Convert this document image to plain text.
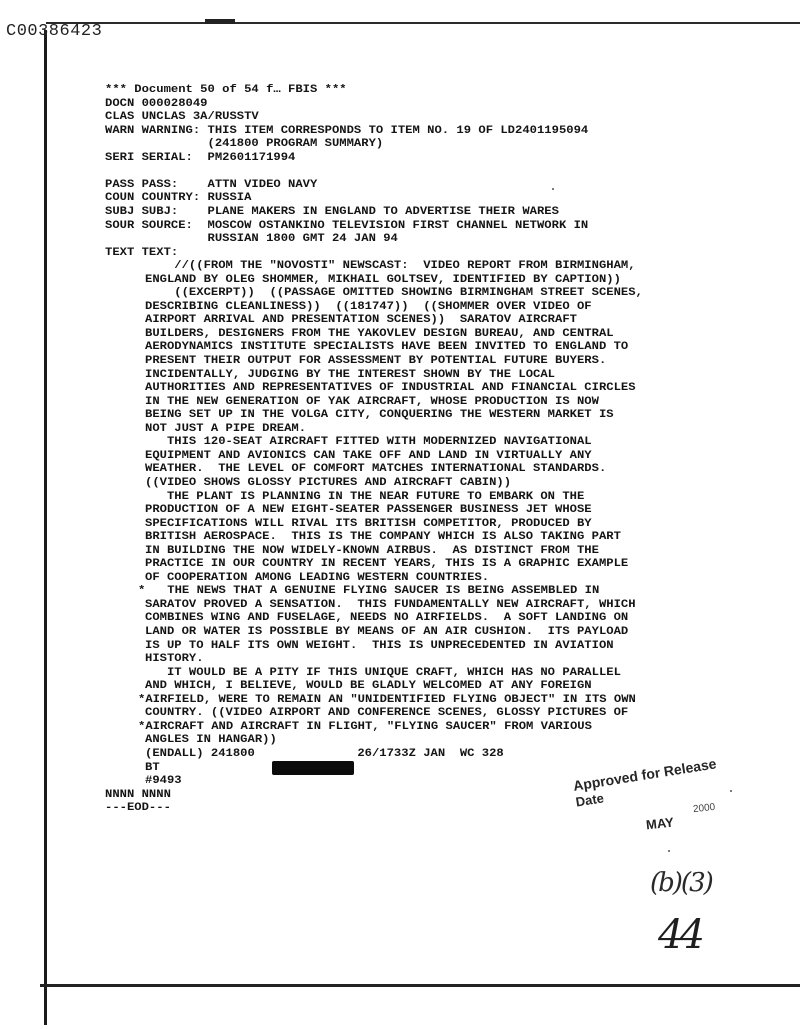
C00386423
*** Document 50 of 54 f… FBIS ***
DOCN 000028049
CLAS UNCLAS 3A/RUSSTV
WARN WARNING: THIS ITEM CORRESPONDS TO ITEM NO. 19 OF LD2401195094
(241800 PROGRAM SUMMARY)
SERI SERIAL:  PM2601171994
PASS PASS:    ATTN VIDEO NAVY
COUN COUNTRY: RUSSIA
SUBJ SUBJ:    PLANE MAKERS IN ENGLAND TO ADVERTISE THEIR WARES
SOUR SOURCE:  MOSCOW OSTANKINO TELEVISION FIRST CHANNEL NETWORK IN
RUSSIAN 1800 GMT 24 JAN 94
TEXT TEXT:
//((FROM THE "NOVOSTI" NEWSCAST:  VIDEO REPORT FROM BIRMINGHAM,
ENGLAND BY OLEG SHOMMER, MIKHAIL GOLTSEV, IDENTIFIED BY CAPTION))
((EXCERPT))  ((PASSAGE OMITTED SHOWING BIRMINGHAM STREET SCENES,
DESCRIBING CLEANLINESS))  ((181747))  ((SHOMMER OVER VIDEO OF
AIRPORT ARRIVAL AND PRESENTATION SCENES))  SARATOV AIRCRAFT
BUILDERS, DESIGNERS FROM THE YAKOVLEV DESIGN BUREAU, AND CENTRAL
AERODYNAMICS INSTITUTE SPECIALISTS HAVE BEEN INVITED TO ENGLAND TO
PRESENT THEIR OUTPUT FOR ASSESSMENT BY POTENTIAL FUTURE BUYERS.
INCIDENTALLY, JUDGING BY THE INTEREST SHOWN BY THE LOCAL
AUTHORITIES AND REPRESENTATIVES OF INDUSTRIAL AND FINANCIAL CIRCLES
IN THE NEW GENERATION OF YAK AIRCRAFT, WHOSE PRODUCTION IS NOW
BEING SET UP IN THE VOLGA CITY, CONQUERING THE WESTERN MARKET IS
NOT JUST A PIPE DREAM.
THIS 120-SEAT AIRCRAFT FITTED WITH MODERNIZED NAVIGATIONAL
EQUIPMENT AND AVIONICS CAN TAKE OFF AND LAND IN VIRTUALLY ANY
WEATHER.  THE LEVEL OF COMFORT MATCHES INTERNATIONAL STANDARDS.
((VIDEO SHOWS GLOSSY PICTURES AND AIRCRAFT CABIN))
THE PLANT IS PLANNING IN THE NEAR FUTURE TO EMBARK ON THE
PRODUCTION OF A NEW EIGHT-SEATER PASSENGER BUSINESS JET WHOSE
SPECIFICATIONS WILL RIVAL ITS BRITISH COMPETITOR, PRODUCED BY
BRITISH AEROSPACE.  THIS IS THE COMPANY WHICH IS ALSO TAKING PART
IN BUILDING THE NOW WIDELY-KNOWN AIRBUS.  AS DISTINCT FROM THE
PRACTICE IN OUR COUNTRY IN RECENT YEARS, THIS IS A GRAPHIC EXAMPLE
OF COOPERATION AMONG LEADING WESTERN COUNTRIES.
*   THE NEWS THAT A GENUINE FLYING SAUCER IS BEING ASSEMBLED IN
SARATOV PROVED A SENSATION.  THIS FUNDAMENTALLY NEW AIRCRAFT, WHICH
COMBINES WING AND FUSELAGE, NEEDS NO AIRFIELDS.  A SOFT LANDING ON
LAND OR WATER IS POSSIBLE BY MEANS OF AN AIR CUSHION.  ITS PAYLOAD
IS UP TO HALF ITS OWN WEIGHT.  THIS IS UNPRECEDENTED IN AVIATION
HISTORY.
IT WOULD BE A PITY IF THIS UNIQUE CRAFT, WHICH HAS NO PARALLEL
AND WHICH, I BELIEVE, WOULD BE GLADLY WELCOMED AT ANY FOREIGN
*AIRFIELD, WERE TO REMAIN AN "UNIDENTIFIED FLYING OBJECT" IN ITS OWN
COUNTRY. ((VIDEO AIRPORT AND CONFERENCE SCENES, GLOSSY PICTURES OF
*AIRCRAFT AND AIRCRAFT IN FLIGHT, "FLYING SAUCER" FROM VARIOUS
ANGLES IN HANGAR))
(ENDALL) 241800              26/1733Z JAN  WC 328
BT
#9493
NNNN NNNN
---EOD---
Approved for Release
Date
MAY
2000
(b)(3)
44
